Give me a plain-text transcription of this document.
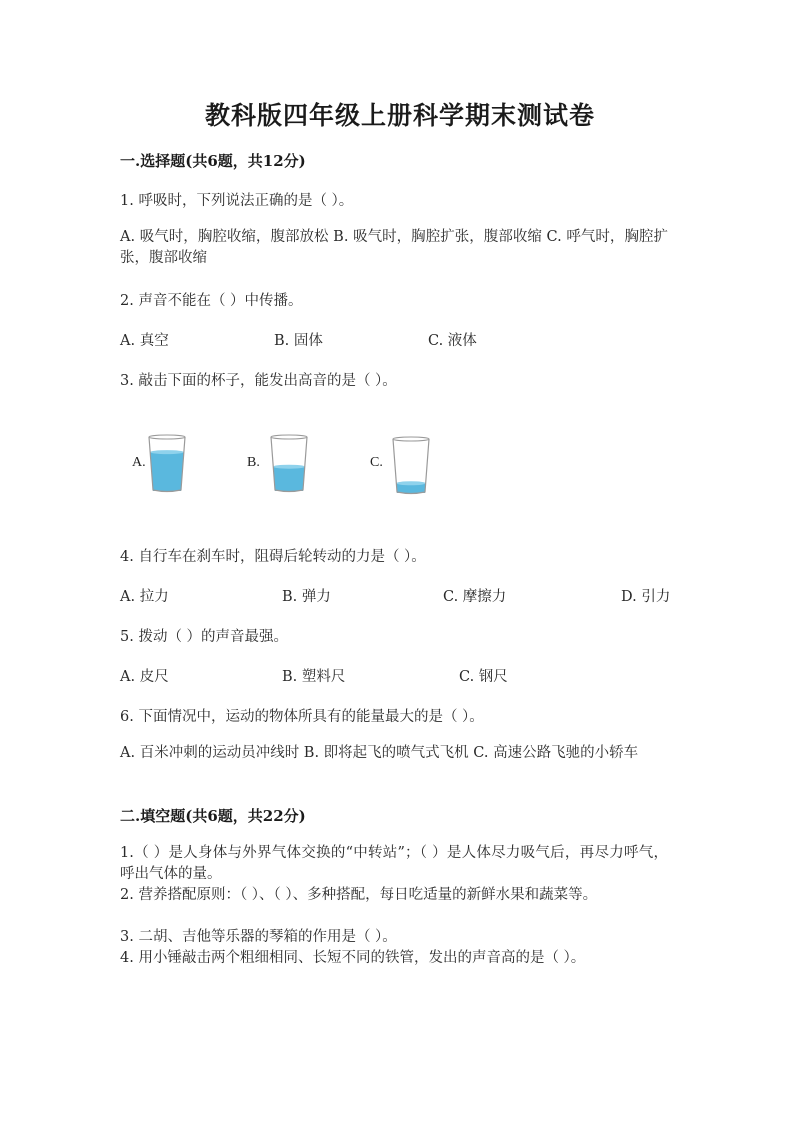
教科版四年级上册科学期末测试卷
一.选择题(共6题，共12分)
1. 呼吸时，下列说法正确的是（ ）。
A. 吸气时，胸腔收缩，腹部放松 B. 吸气时，胸腔扩张，腹部收缩 C. 呼气时，胸腔扩张，腹部收缩
2. 声音不能在（ ）中传播。
A. 真空	B. 固体	C. 液体
3. 敲击下面的杯子，能发出高音的是（ ）。
A.	B.	C.
4. 自行车在刹车时，阻碍后轮转动的力是（ ）。
A. 拉力	B. 弹力	C. 摩擦力	D. 引力
5. 拨动（ ）的声音最强。
A. 皮尺	B. 塑料尺	C. 钢尺
6. 下面情况中，运动的物体所具有的能量最大的是（ ）。
A. 百米冲刺的运动员冲线时 B. 即将起飞的喷气式飞机 C. 高速公路飞驰的小轿车
二.填空题(共6题，共22分)
1.（ ）是人身体与外界气体交换的“中转站”；（ ）是人体尽力吸气后，再尽力呼气，呼出气体的量。
2. 营养搭配原则：（ ）、（ ）、多种搭配，每日吃适量的新鲜水果和蔬菜等。
3. 二胡、吉他等乐器的琴箱的作用是（ ）。
4. 用小锤敲击两个粗细相同、长短不同的铁管，发出的声音高的是（ ）。
